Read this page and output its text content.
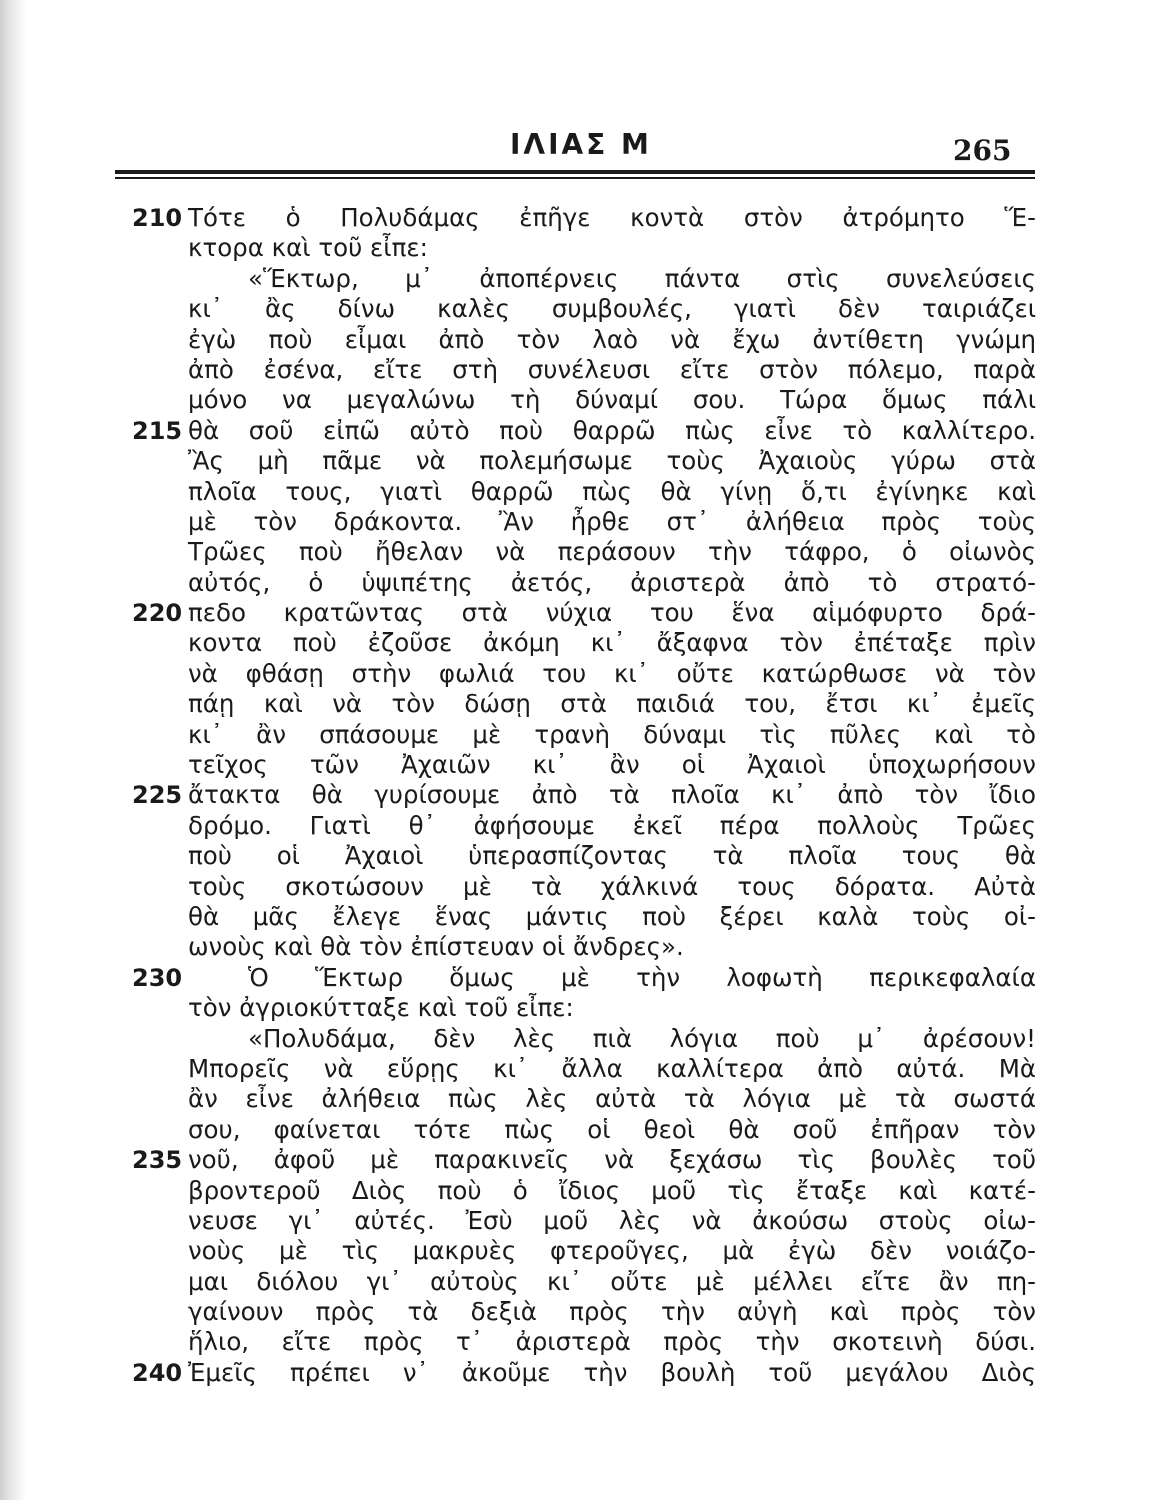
ΙΛΙΑΣ Μ	265
210 Τότε ὁ Πολυδάμας ἐπῆγε κοντὰ στὸν ἀτρόμητο Ἕ-
κτορα καὶ τοῦ εἶπε:
«Ἕκτωρ, μ᾿ ἀποπέρνεις πάντα στὶς συνελεύσεις
κι᾿ ἂς δίνω καλὲς συμβουλές, γιατὶ δὲν ταιριάζει
ἐγὼ ποὺ εἶμαι ἀπὸ τὸν λαὸ νὰ ἔχω ἀντίθετη γνώμη
ἀπὸ ἐσένα, εἴτε στὴ συνέλευσι εἴτε στὸν πόλεμο, παρὰ
μόνο να μεγαλώνω τὴ δύναμί σου. Τώρα ὅμως πάλι
215 θὰ σοῦ εἰπῶ αὐτὸ ποὺ θαρρῶ πὼς εἶνε τὸ καλλίτερο.
Ἂς μὴ πᾶμε νὰ πολεμήσωμε τοὺς Ἀχαιοὺς γύρω στὰ
πλοῖα τους, γιατὶ θαρρῶ πὼς θὰ γίνῃ ὅ,τι ἐγίνηκε καὶ
μὲ τὸν δράκοντα. Ἂν ἦρθε στ᾿ ἀλήθεια πρὸς τοὺς
Τρῶες ποὺ ἤθελαν νὰ περάσουν τὴν τάφρο, ὁ οἰωνὸς
αὐτός, ὁ ὑψιπέτης ἀετός, ἀριστερὰ ἀπὸ τὸ στρατό-
220 πεδο κρατῶντας στὰ νύχια του ἕνα αἱμόφυρτο δρά-
κοντα ποὺ ἐζοῦσε ἀκόμη κι᾿ ἄξαφνα τὸν ἐπέταξε πρὶν
νὰ φθάσῃ στὴν φωλιά του κι᾿ οὔτε κατώρθωσε νὰ τὸν
πάῃ καὶ νὰ τὸν δώσῃ στὰ παιδιά του, ἔτσι κι᾿ ἐμεῖς
κι᾿ ἂν σπάσουμε μὲ τρανὴ δύναμι τὶς πῦλες καὶ τὸ
τεῖχος τῶν Ἀχαιῶν κι᾿ ἂν οἱ Ἀχαιοὶ ὑποχωρήσουν
225 ἄτακτα θὰ γυρίσουμε ἀπὸ τὰ πλοῖα κι᾿ ἀπὸ τὸν ἴδιο
δρόμο. Γιατὶ θ᾿ ἀφήσουμε ἐκεῖ πέρα πολλοὺς Τρῶες
ποὺ οἱ Ἀχαιοὶ ὑπερασπίζοντας τὰ πλοῖα τους θὰ
τοὺς σκοτώσουν μὲ τὰ χάλκινά τους δόρατα. Αὐτὰ
θὰ μᾶς ἔλεγε ἕνας μάντις ποὺ ξέρει καλὰ τοὺς οἰ-
ωνοὺς καὶ θὰ τὸν ἐπίστευαν οἱ ἄνδρες».
230	Ὁ Ἕκτωρ ὅμως μὲ τὴν λοφωτὴ περικεφαλαία
τὸν ἀγριοκύτταξε καὶ τοῦ εἶπε:
«Πολυδάμα, δὲν λὲς πιὰ λόγια ποὺ μ᾿ ἀρέσουν!
Μπορεῖς νὰ εὕρῃς κι᾿ ἄλλα καλλίτερα ἀπὸ αὐτά. Μὰ
ἂν εἶνε ἀλήθεια πὼς λὲς αὐτὰ τὰ λόγια μὲ τὰ σωστά
σου, φαίνεται τότε πὼς οἱ θεοὶ θὰ σοῦ ἐπῆραν τὸν
235 νοῦ, ἀφοῦ μὲ παρακινεῖς νὰ ξεχάσω τὶς βουλὲς τοῦ
βροντεροῦ Διὸς ποὺ ὁ ἴδιος μοῦ τὶς ἔταξε καὶ κατέ-
νευσε γι᾿ αὐτές. Ἐσὺ μοῦ λὲς νὰ ἀκούσω στοὺς οἰω-
νοὺς μὲ τὶς μακρυὲς φτεροῦγες, μὰ ἐγὼ δὲν νοιάζο-
μαι διόλου γι᾿ αὐτοὺς κι᾿ οὔτε μὲ μέλλει εἴτε ἂν πη-
γαίνουν πρὸς τὰ δεξιὰ πρὸς τὴν αὐγὴ καὶ πρὸς τὸν
ἥλιο, εἴτε πρὸς τ᾿ ἀριστερὰ πρὸς τὴν σκοτεινὴ δύσι.
240 Ἐμεῖς πρέπει ν᾿ ἀκοῦμε τὴν βουλὴ τοῦ μεγάλου Διὸς
